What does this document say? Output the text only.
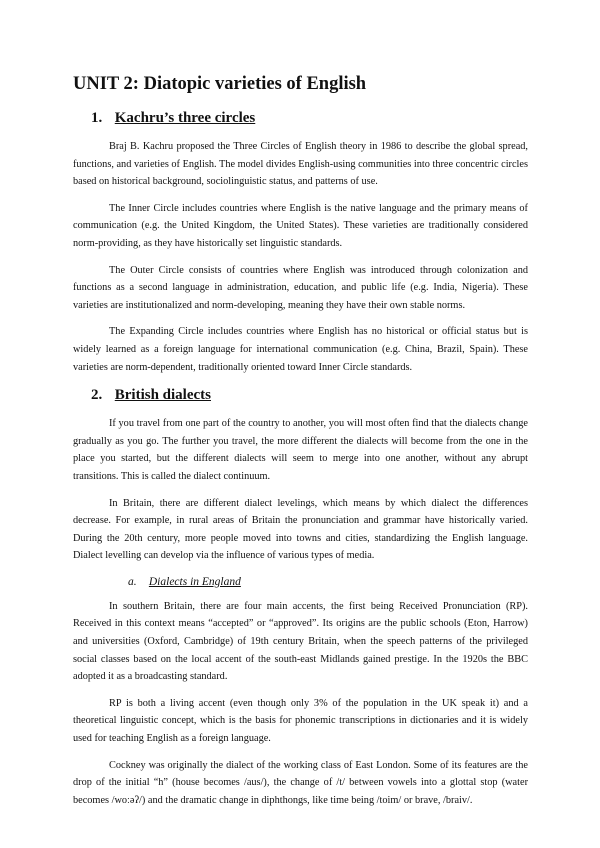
UNIT 2: Diatopic varieties of English
1. Kachru’s three circles

Braj B. Kachru proposed the Three Circles of English theory in 1986 to describe the global spread, functions, and varieties of English. The model divides English-using communities into three concentric circles based on historical background, sociolinguistic status, and patterns of use.

The Inner Circle includes countries where English is the native language and the primary means of communication (e.g. the United Kingdom, the United States). These varieties are traditionally considered norm-providing, as they have historically set linguistic standards.

The Outer Circle consists of countries where English was introduced through colonization and functions as a second language in administration, education, and public life (e.g. India, Nigeria). These varieties are institutionalized and norm-developing, meaning they have their own stable norms.

The Expanding Circle includes countries where English has no historical or official status but is widely learned as a foreign language for international communication (e.g. China, Brazil, Spain). These varieties are norm-dependent, traditionally oriented toward Inner Circle standards.

2. British dialects

If you travel from one part of the country to another, you will most often find that the dialects change gradually as you go. The further you travel, the more different the dialects will become from the one in the place you started, but the different dialects will seem to merge into one another, without any abrupt transitions. This is called the dialect continuum.

In Britain, there are different dialect levelings, which means by which dialect the differences decrease. For example, in rural areas of Britain the pronunciation and grammar have historically varied. During the 20th century, more people moved into towns and cities, standardizing the English language. Dialect levelling can develop via the influence of various types of media.

a. Dialects in England

In southern Britain, there are four main accents, the first being Received Pronunciation (RP). Received in this context means “accepted” or “approved”. Its origins are the public schools (Eton, Harrow) and universities (Oxford, Cambridge) of 19th century Britain, when the speech patterns of the privileged social classes based on the local accent of the south-east Midlands gained prestige. In the 1920s the BBC adopted it as a broadcasting standard.

RP is both a living accent (even though only 3% of the population in the UK speak it) and a theoretical linguistic concept, which is the basis for phonemic transcriptions in dictionaries and it is widely used for teaching English as a foreign language.

Cockney was originally the dialect of the working class of East London. Some of its features are the drop of the initial “h” (house becomes /aus/), the change of /t/ between vowels into a glottal stop (water becomes /woːəʔ/) and the dramatic change in diphthongs, like time being /toim/ or brave, /braiv/.
